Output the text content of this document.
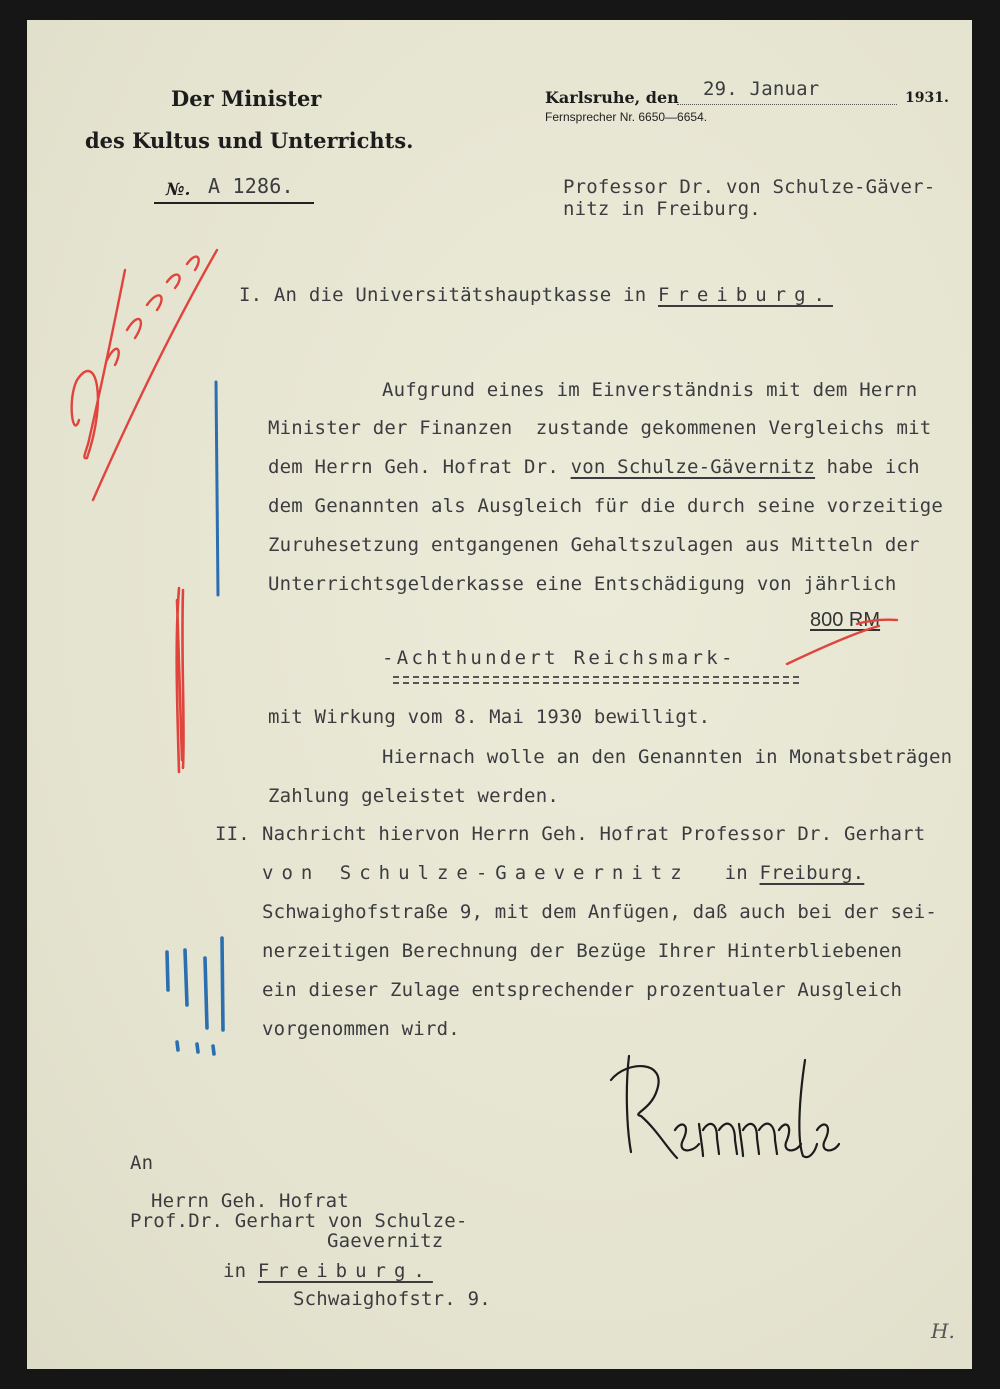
Der Minister
des Kultus und Unterrichts.
№. A 1286.
Karlsruhe, den 29. Januar	1931.
Fernsprecher Nr. 6650—6654.
Professor Dr. von Schulze-Gäver-
nitz in Freiburg.
I. An die Universitätshauptkasse in Freiburg.
Aufgrund eines im Einverständnis mit dem Herrn
Minister der Finanzen  zustande gekommenen Vergleichs mit
dem Herrn Geh. Hofrat Dr. von Schulze-Gävernitz habe ich
dem Genannten als Ausgleich für die durch seine vorzeitige
Zuruhesetzung entgangenen Gehaltszulagen aus Mitteln der
Unterrichtsgelderkasse eine Entschädigung von jährlich
800 RM
-Achthundert Reichsmark-
mit Wirkung vom 8. Mai 1930 bewilligt.
Hiernach wolle an den Genannten in Monatsbeträgen
Zahlung geleistet werden.
II. Nachricht hiervon Herrn Geh. Hofrat Professor Dr. Gerhart
von Schulze-Gaevernitz in Freiburg.
Schwaighofstraße 9, mit dem Anfügen, daß auch bei der sei-
nerzeitigen Berechnung der Bezüge Ihrer Hinterbliebenen
ein dieser Zulage entsprechender prozentualer Ausgleich
vorgenommen wird.
An
Herrn Geh. Hofrat
Prof.Dr. Gerhart von Schulze-
Gaevernitz
in Freiburg.
Schwaighofstr. 9.
H.
